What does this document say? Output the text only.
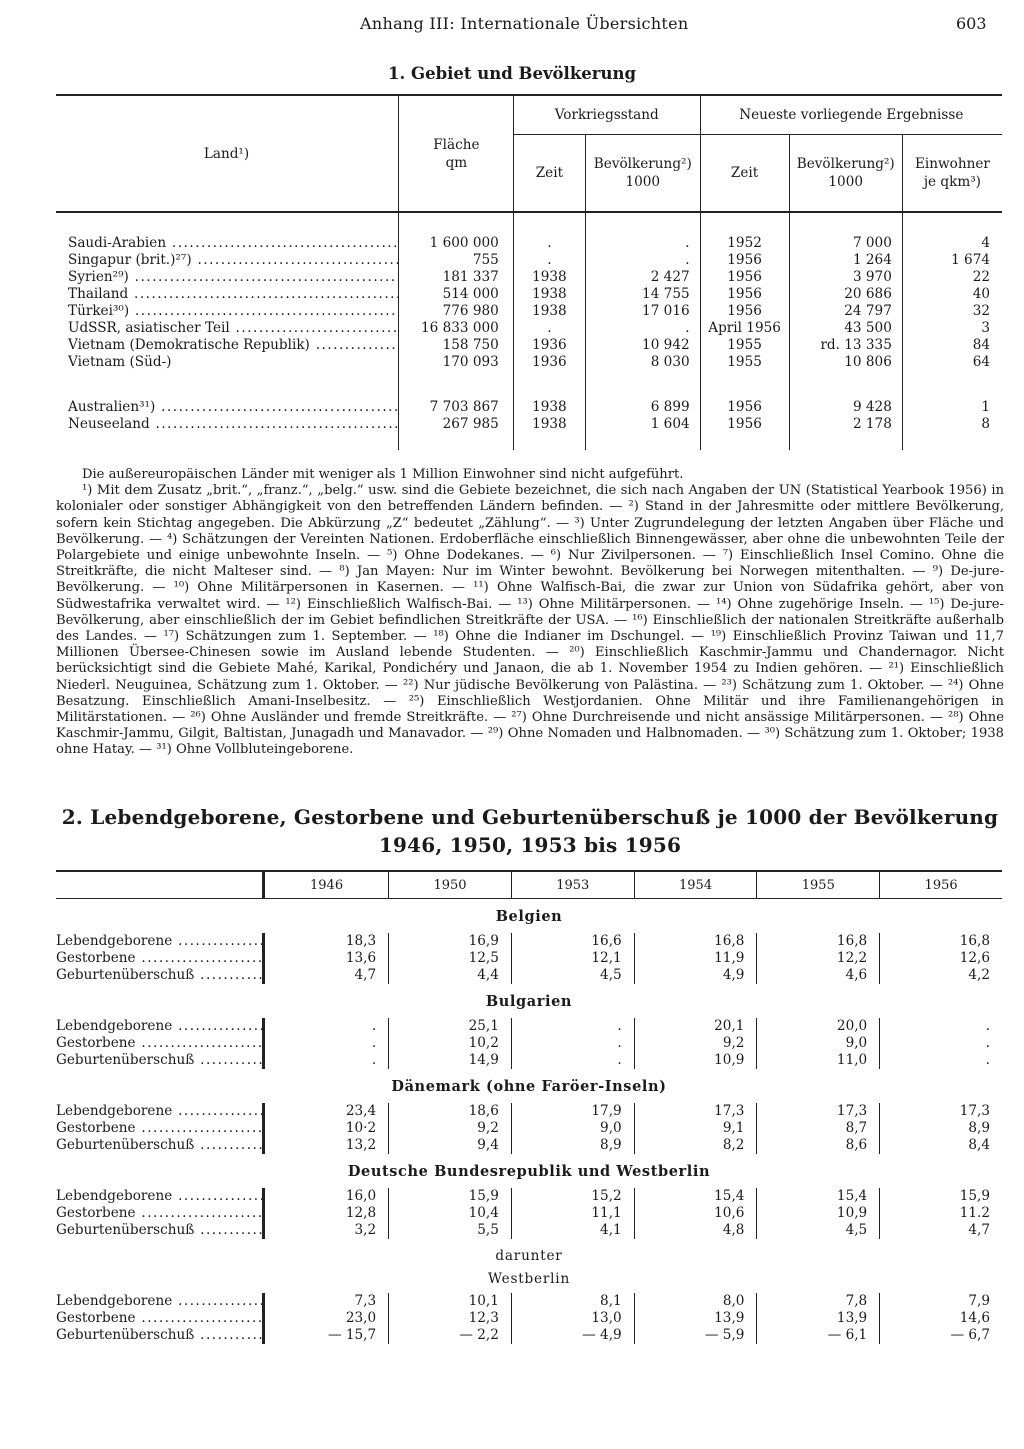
Anhang III: Internationale Übersichten	603
1. Gebiet und Bevölkerung
Land¹)	Fläche qm	Vorkriegsstand		Neueste vorliegende Ergebnisse		
		Zeit	Bevölkerung²) 1000	Zeit	Bevölkerung²) 1000	Einwohner je qkm³)

Saudi-Arabien .....	1 600 000	.	.	1952	7 000	4
Singapur (brit.)²⁷) .....	755	.	.	1956	1 264	1 674
Syrien²⁹) .....	181 337	1938	2 427	1956	3 970	22
Thailand .....	514 000	1938	14 755	1956	20 686	40
Türkei³⁰) .....	776 980	1938	17 016	1956	24 797	32
UdSSR, asiatischer Teil .....	16 833 000	.	.	April 1956	43 500	3
Vietnam (Demokratische Republik) .....	158 750	1936	10 942	1955	rd. 13 335	84
Vietnam (Süd-)	170 093	1936	8 030	1955	10 806	64

Australien³¹) .....	7 703 867	1938	6 899	1956	9 428	1
Neuseeland .....	267 985	1938	1 604	1956	2 178	8

Die außereuropäischen Länder mit weniger als 1 Million Einwohner sind nicht aufgeführt.

¹) Mit dem Zusatz „brit.“, „franz.“, „belg.“ usw. sind die Gebiete bezeichnet, die sich nach Angaben der UN (Statistical Yearbook 1956) in kolonialer oder sonstiger Abhängigkeit von den betreffenden Ländern befinden. — ²) Stand in der Jahresmitte oder mittlere Bevölkerung, sofern kein Stichtag angegeben. Die Abkürzung „Z“ bedeutet „Zählung“. — ³) Unter Zugrundelegung der letzten Angaben über Fläche und Bevölkerung. — ⁴) Schätzungen der Vereinten Nationen. Erdoberfläche einschließlich Binnengewässer, aber ohne die unbewohnten Teile der Polargebiete und einige unbewohnte Inseln. — ⁵) Ohne Dodekanes. — ⁶) Nur Zivilpersonen. — ⁷) Einschließlich Insel Comino. Ohne die Streitkräfte, die nicht Malteser sind. — ⁸) Jan Mayen: Nur im Winter bewohnt. Bevölkerung bei Norwegen mitenthalten. — ⁹) De-jure-Bevölkerung. — ¹⁰) Ohne Militärpersonen in Kasernen. — ¹¹) Ohne Walfisch-Bai, die zwar zur Union von Südafrika gehört, aber von Südwestafrika verwaltet wird. — ¹²) Einschließlich Walfisch-Bai. — ¹³) Ohne Militärpersonen. — ¹⁴) Ohne zugehörige Inseln. — ¹⁵) De-jure-Bevölkerung, aber einschließlich der im Gebiet befindlichen Streitkräfte der USA. — ¹⁶) Einschließlich der nationalen Streitkräfte außerhalb des Landes. — ¹⁷) Schätzungen zum 1. September. — ¹⁸) Ohne die Indianer im Dschungel. — ¹⁹) Einschließlich Provinz Taiwan und 11,7 Millionen Übersee-Chinesen sowie im Ausland lebende Studenten. — ²⁰) Einschließlich Kaschmir-Jammu und Chandernagor. Nicht berücksichtigt sind die Gebiete Mahé, Karikal, Pondichéry und Janaon, die ab 1. November 1954 zu Indien gehören. — ²¹) Einschließlich Niederl. Neuguinea, Schätzung zum 1. Oktober. — ²²) Nur jüdische Bevölkerung von Palästina. — ²³) Schätzung zum 1. Oktober. — ²⁴) Ohne Besatzung. Einschließlich Amani-Inselbesitz. — ²⁵) Einschließlich Westjordanien. Ohne Militär und ihre Familienangehörigen in Militärstationen. — ²⁶) Ohne Ausländer und fremde Streitkräfte. — ²⁷) Ohne Durchreisende und nicht ansässige Militärpersonen. — ²⁸) Ohne Kaschmir-Jammu, Gilgit, Baltistan, Junagadh und Manavador. — ²⁹) Ohne Nomaden und Halbnomaden. — ³⁰) Schätzung zum 1. Oktober; 1938 ohne Hatay. — ³¹) Ohne Vollbluteingeborene.

2. Lebendgeborene, Gestorbene und Geburtenüberschuß je 1000 der Bevölkerung
1946, 1950, 1953 bis 1956
	1946	1950	1953	1954	1955	1956
Belgien						
Lebendgeborene .....	18,3	16,9	16,6	16,8	16,8	16,8
Gestorbene .....	13,6	12,5	12,1	11,9	12,2	12,6
Geburtenüberschuß .....	4,7	4,4	4,5	4,9	4,6	4,2
Bulgarien						
Lebendgeborene .....	.	25,1	.	20,1	20,0	.
Gestorbene .....	.	10,2	.	9,2	9,0	.
Geburtenüberschuß .....	.	14,9	.	10,9	11,0	.
Dänemark (ohne Faröer-Inseln)						
Lebendgeborene .....	23,4	18,6	17,9	17,3	17,3	17,3
Gestorbene .....	10·2	9,2	9,0	9,1	8,7	8,9
Geburtenüberschuß .....	13,2	9,4	8,9	8,2	8,6	8,4
Deutsche Bundesrepublik und Westberlin						
Lebendgeborene .....	16,0	15,9	15,2	15,4	15,4	15,9
Gestorbene .....	12,8	10,4	11,1	10,6	10,9	11.2
Geburtenüberschuß .....	3,2	5,5	4,1	4,8	4,5	4,7
darunter						
Westberlin						
Lebendgeborene .....	7,3	10,1	8,1	8,0	7,8	7,9
Gestorbene .....	23,0	12,3	13,0	13,9	13,9	14,6
Geburtenüberschuß .....	— 15,7	— 2,2	— 4,9	— 5,9	— 6,1	— 6,7
